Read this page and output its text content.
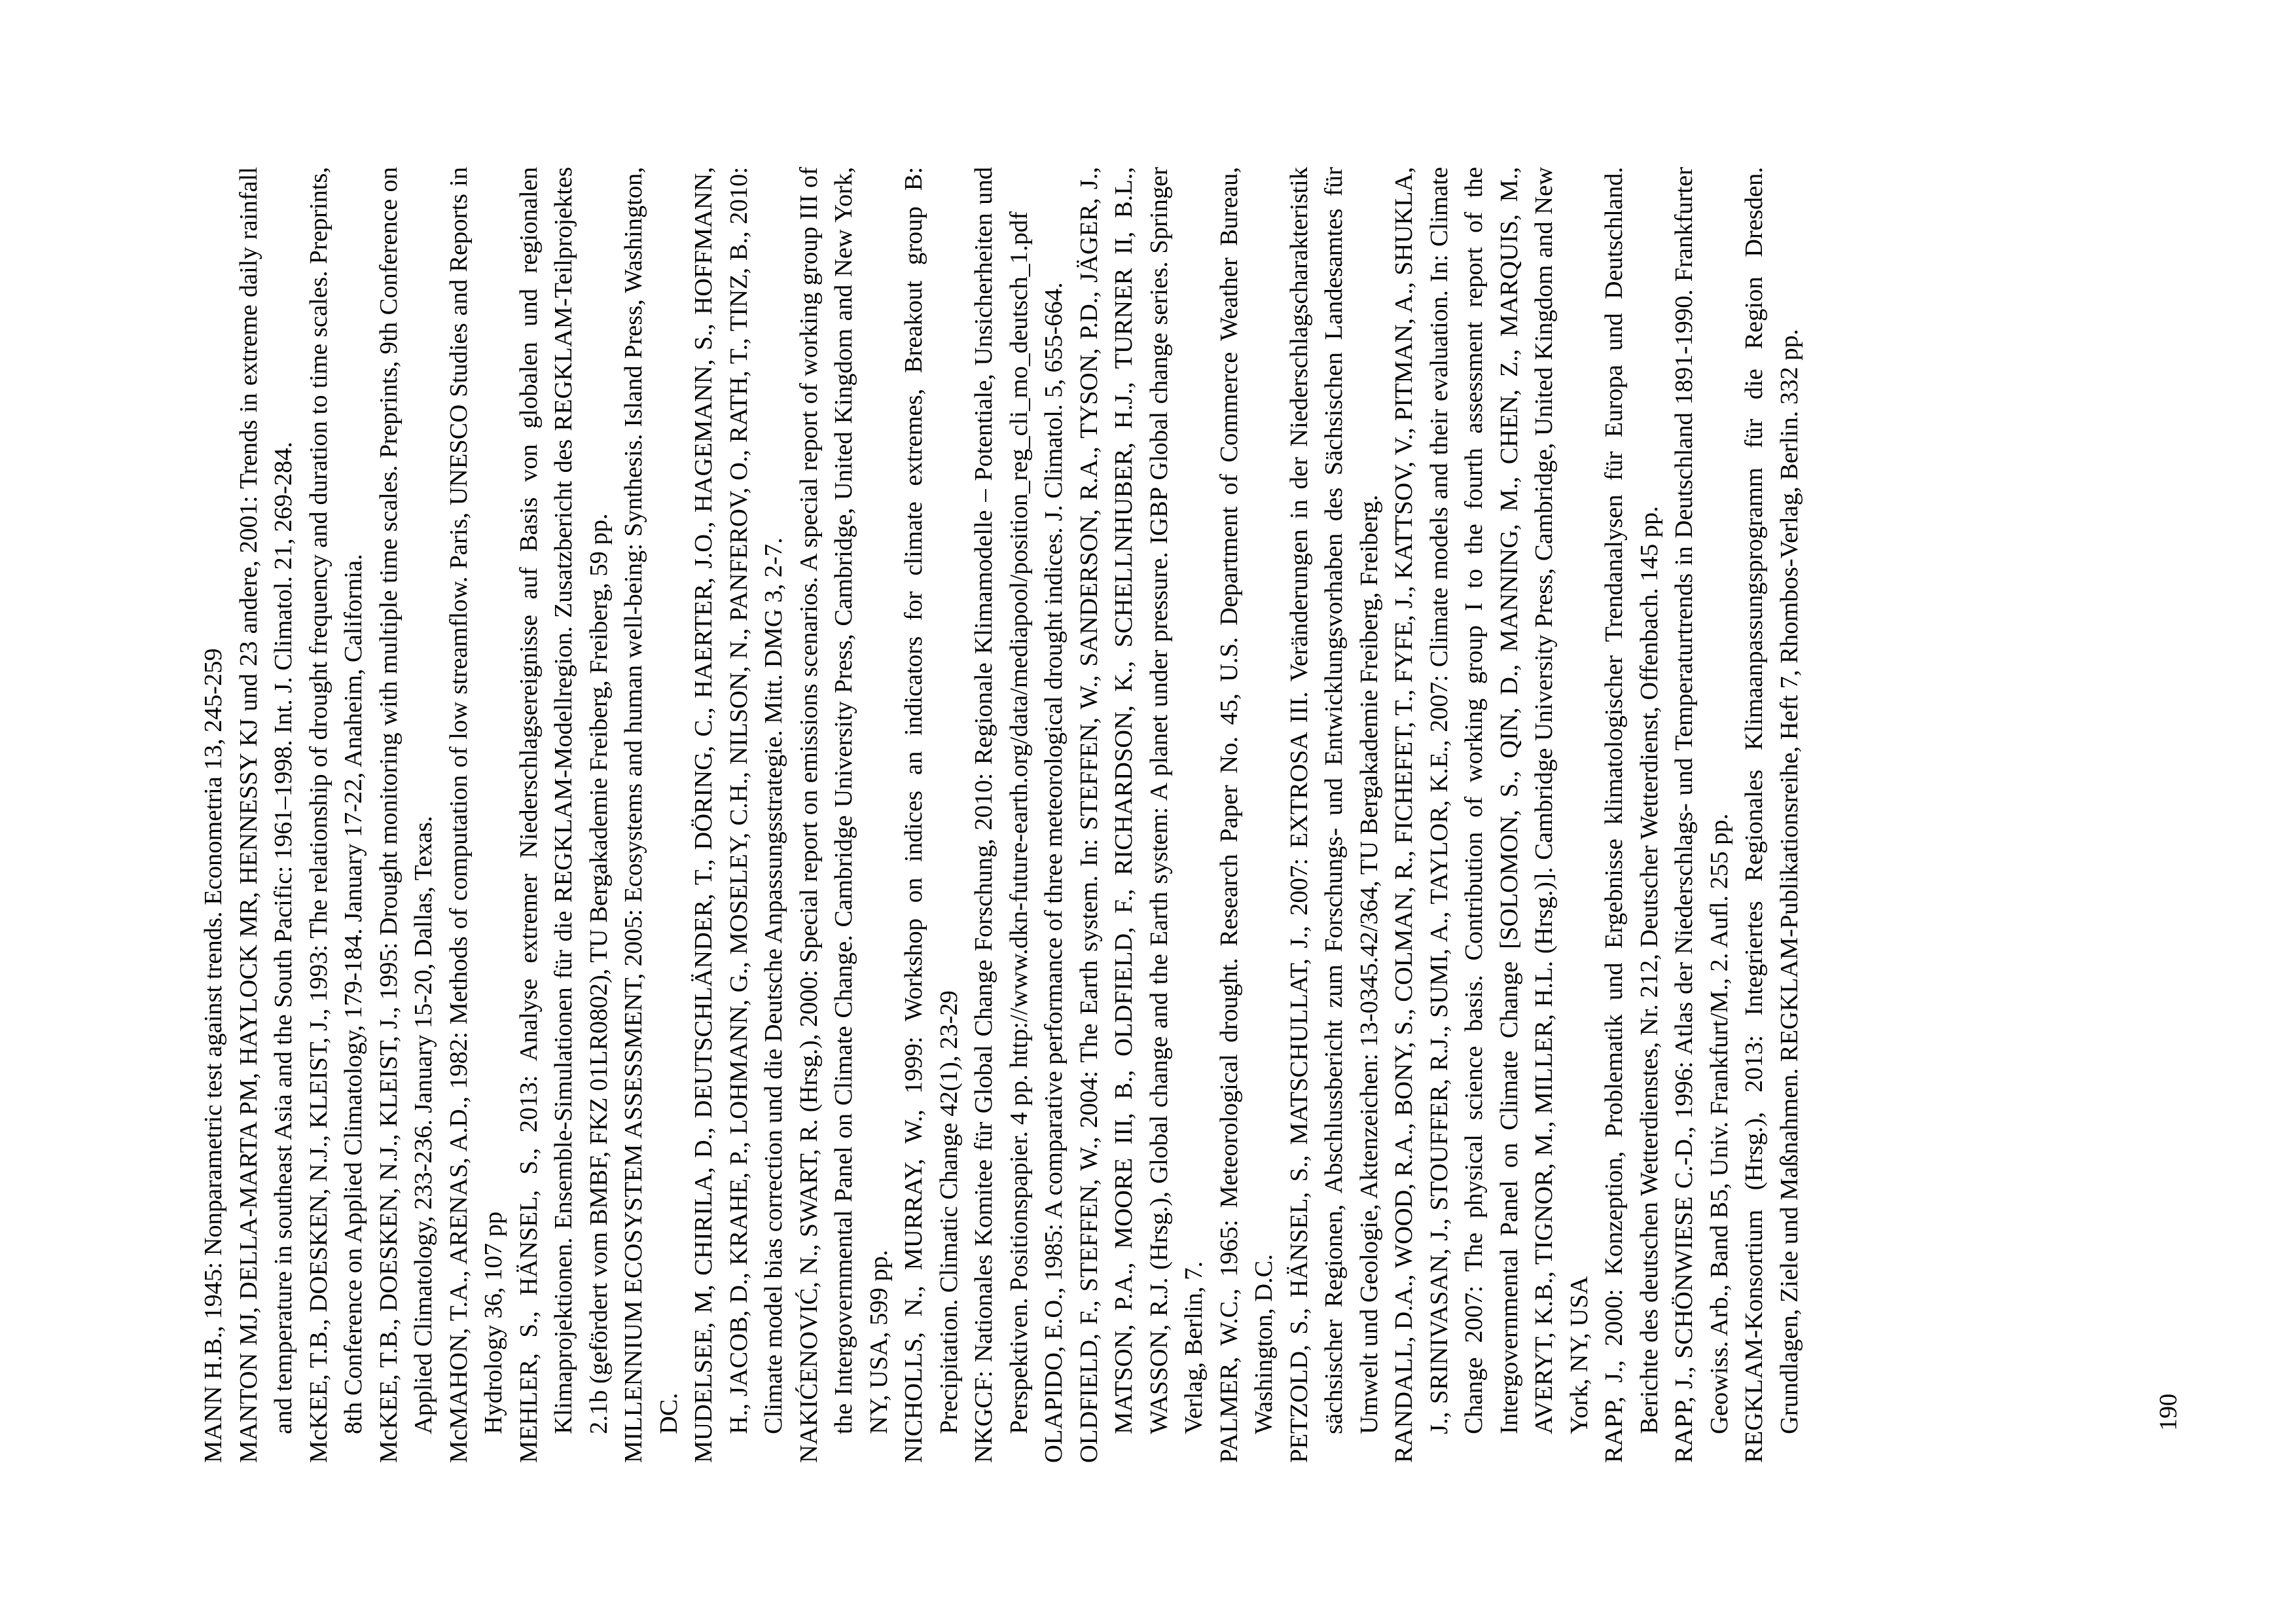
MANN H.B., 1945: Nonparametric test against trends. Econometria 13, 245-259 MANTON MJ, DELLA-MARTA PM, HAYLOCK MR, HENNESSY KJ und 23 andere, 2001: Trends in extreme daily rainfall and temperature in southeast Asia and the South Pacific: 1961–1998. Int. J. Climatol. 21, 269-284. McKEE, T.B., DOESKEN, N.J., KLEIST, J., 1993: The relationship of drought frequency and duration to time scales. Preprints, 8th Conference on Applied Climatology, 179-184. January 17-22, Anaheim, California. McKEE, T.B., DOESKEN, N.J., KLEIST, J., 1995: Drought monitoring with multiple time scales. Preprints, 9th Conference on Applied Climatology, 233-236. January 15-20, Dallas, Texas. McMAHON, T.A., ARENAS, A.D., 1982: Methods of computation of low streamflow. Paris, UNESCO Studies and Reports in Hydrology 36, 107 pp MEHLER, S., HÄNSEL, S., 2013: Analyse extremer Niederschlagsereignisse auf Basis von globalen und regionalen Klimaprojektionen. Ensemble-Simulationen für die REGKLAM-Modellregion. Zusatzbericht des REGKLAM-Teilprojektes 2.1b (gefördert vom BMBF, FKZ 01LR0802), TU Bergakademie Freiberg, Freiberg, 59 pp. MILLENNIUM ECOSYSTEM ASSESSMENT, 2005: Ecosystems and human well-being: Synthesis. Island Press, Washington, DC. MUDELSEE, M, CHIRILA, D., DEUTSCHLÄNDER, T., DÖRING, C., HAERTER, J.O., HAGEMANN, S., HOFFMANN, H., JACOB, D., KRAHE, P., LOHMANN, G., MOSELEY, C.H., NILSON, N., PANFEROV, O., RATH, T., TINZ, B., 2010: Climate model bias correction und die Deutsche Anpassungsstrategie. Mitt. DMG 3, 2-7. NAKIĆENOVIĆ, N., SWART, R. (Hrsg.), 2000: Special report on emissions scenarios. A special report of working group III of the Intergovernmental Panel on Climate Change. Cambridge University Press, Cambridge, United Kingdom and New York, NY, USA, 599 pp. NICHOLLS, N., MURRAY, W., 1999: Workshop on indices an indicators for climate extremes, Breakout group B: Precipitation. Climatic Change 42(1), 23-29 NKGCF: Nationales Komitee für Global Change Forschung, 2010: Regionale Klimamodelle – Potentiale, Unsicherheiten und Perspektiven. Positionspapier. 4 pp. http://www.dkn-future-earth.org/data/mediapool/position_reg_cli_mo_deutsch_1.pdf OLAPIDO, E.O., 1985: A comparative performance of three meteorological drought indices. J. Climatol. 5, 655-664. OLDFIELD, F., STEFFEN, W., 2004: The Earth system. In: STEFFEN, W., SANDERSON, R.A., TYSON, P.D., JÄGER, J., MATSON, P.A., MOORE III, B., OLDFIELD, F., RICHARDSON, K., SCHELLNHUBER, H.J., TURNER II, B.L., WASSON, R.J. (Hrsg.), Global change and the Earth system: A planet under pressure. IGBP Global change series. Springer Verlag, Berlin, 7. PALMER, W.C., 1965: Meteorological drought. Research Paper No. 45, U.S. Department of Commerce Weather Bureau, Washington, D.C. PETZOLD, S., HÄNSEL, S., MATSCHULLAT, J., 2007: EXTROSA III. Veränderungen in der Niederschlagscharakteristik sächsischer Regionen, Abschlussbericht zum Forschungs- und Entwicklungsvorhaben des Sächsischen Landesamtes für Umwelt und Geologie, Aktenzeichen: 13-0345.42/364, TU Bergakademie Freiberg, Freiberg. RANDALL, D.A., WOOD, R.A., BONY, S., COLMAN, R., FICHEFET, T., FYFE, J., KATTSOV, V., PITMAN, A., SHUKLA, J., SRINIVASAN, J., STOUFFER, R.J., SUMI, A., TAYLOR, K.E., 2007: Climate models and their evaluation. In: Climate Change 2007: The physical science basis. Contribution of working group I to the fourth assessment report of the Intergovernmental Panel on Climate Change [SOLOMON, S., QIN, D., MANNING, M., CHEN, Z., MARQUIS, M., AVERYT, K.B., TIGNOR, M., MILLER, H.L. (Hrsg.)]. Cambridge University Press, Cambridge, United Kingdom and New York, NY, USA RAPP, J., 2000: Konzeption, Problematik und Ergebnisse klimatologischer Trendanalysen für Europa und Deutschland. Berichte des deutschen Wetterdienstes, Nr. 212, Deutscher Wetterdienst, Offenbach. 145 pp. RAPP, J., SCHÖNWIESE C.-D., 1996: Atlas der Niederschlags- und Temperaturtrends in Deutschland 1891-1990. Frankfurter Geowiss. Arb., Band B5, Univ. Frankfurt/M., 2. Aufl. 255 pp. REGKLAM-Konsortium (Hrsg.), 2013: Integriertes Regionales Klimaanpassungsprogramm für die Region Dresden. Grundlagen, Ziele und Maßnahmen. REGKLAM-Publikationsreihe, Heft 7, Rhombos-Verlag, Berlin. 332 pp.	190
